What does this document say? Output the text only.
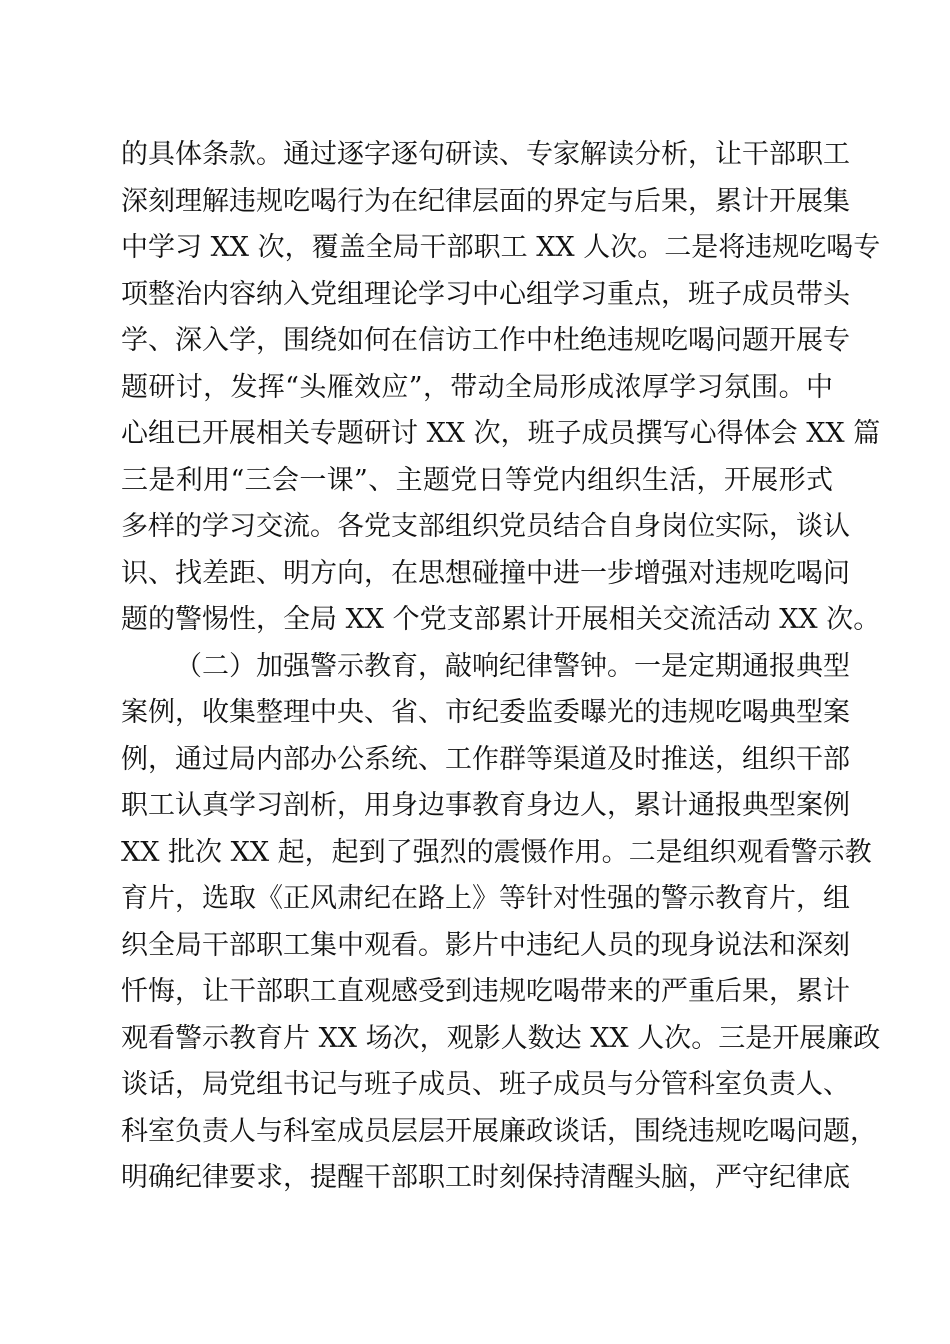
的具体条款。通过逐字逐句研读、专家解读分析，让干部职工
深刻理解违规吃喝行为在纪律层面的界定与后果，累计开展集
中学习 XX 次，覆盖全局干部职工 XX 人次。二是将违规吃喝专
项整治内容纳入党组理论学习中心组学习重点，班子成员带头
学、深入学，围绕如何在信访工作中杜绝违规吃喝问题开展专
题研讨，发挥“头雁效应”，带动全局形成浓厚学习氛围。中
心组已开展相关专题研讨 XX 次，班子成员撰写心得体会 XX 篇
三是利用“三会一课”、主题党日等党内组织生活，开展形式
多样的学习交流。各党支部组织党员结合自身岗位实际，谈认
识、找差距、明方向，在思想碰撞中进一步增强对违规吃喝问
题的警惕性，全局 XX 个党支部累计开展相关交流活动 XX 次。
（二）加强警示教育，敲响纪律警钟。一是定期通报典型
案例，收集整理中央、省、市纪委监委曝光的违规吃喝典型案
例，通过局内部办公系统、工作群等渠道及时推送，组织干部
职工认真学习剖析，用身边事教育身边人，累计通报典型案例
XX 批次 XX 起，起到了强烈的震慑作用。二是组织观看警示教
育片，选取《正风肃纪在路上》等针对性强的警示教育片，组
织全局干部职工集中观看。影片中违纪人员的现身说法和深刻
忏悔，让干部职工直观感受到违规吃喝带来的严重后果，累计
观看警示教育片 XX 场次，观影人数达 XX 人次。三是开展廉政
谈话，局党组书记与班子成员、班子成员与分管科室负责人、
科室负责人与科室成员层层开展廉政谈话，围绕违规吃喝问题，
明确纪律要求，提醒干部职工时刻保持清醒头脑，严守纪律底
